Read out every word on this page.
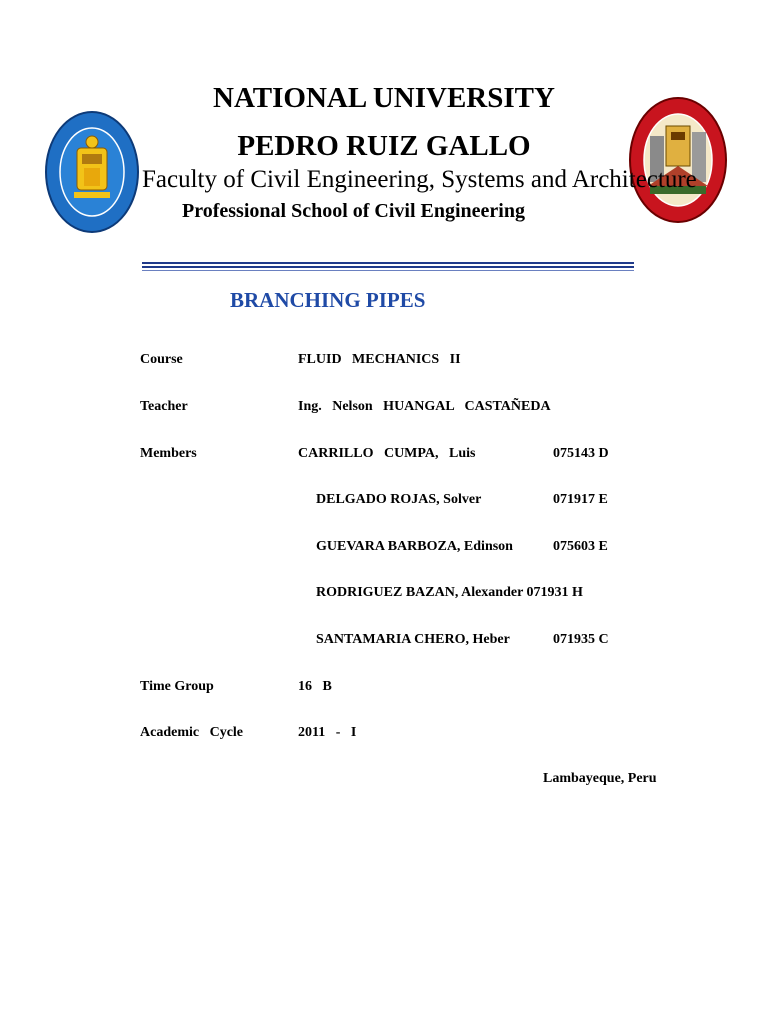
NATIONAL UNIVERSITY
PEDRO RUIZ GALLO
Faculty of Civil Engineering, Systems and Architecture
Professional School of Civil Engineering
BRANCHING PIPES
Course	FLUID   MECHANICS   II
Teacher	Ing.   Nelson   HUANGAL   CASTAÑEDA
Members	CARRILLO   CUMPA,   Luis	075143 D
DELGADO ROJAS, Solver	071917 E
GUEVARA BARBOZA, Edinson	075603 E
RODRIGUEZ BAZAN, Alexander 071931 H
SANTAMARIA CHERO, Heber	071935 C
Time Group	16   B
Academic   Cycle	2011   -   I
Lambayeque, Peru
